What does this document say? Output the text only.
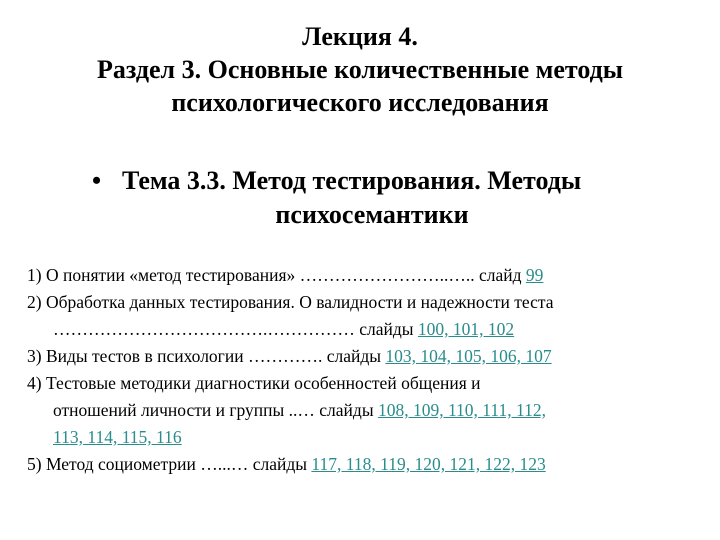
Лекция 4.
Раздел 3. Основные количественные методы
психологического исследования
• Тема 3.3. Метод тестирования. Методы
психосемантики
1) О понятии «метод тестирования» ……………………..….. слайд 99
2) Обработка данных тестирования. О валидности и надежности теста
……………………………….…………… слайды 100, 101, 102
3) Виды тестов в психологии …………. слайды 103, 104, 105, 106, 107
4) Тестовые методики диагностики особенностей общения и
отношений личности и группы ..… слайды 108, 109, 110, 111, 112,
113, 114, 115, 116
5) Метод социометрии …...… слайды 117, 118, 119, 120, 121, 122, 123
